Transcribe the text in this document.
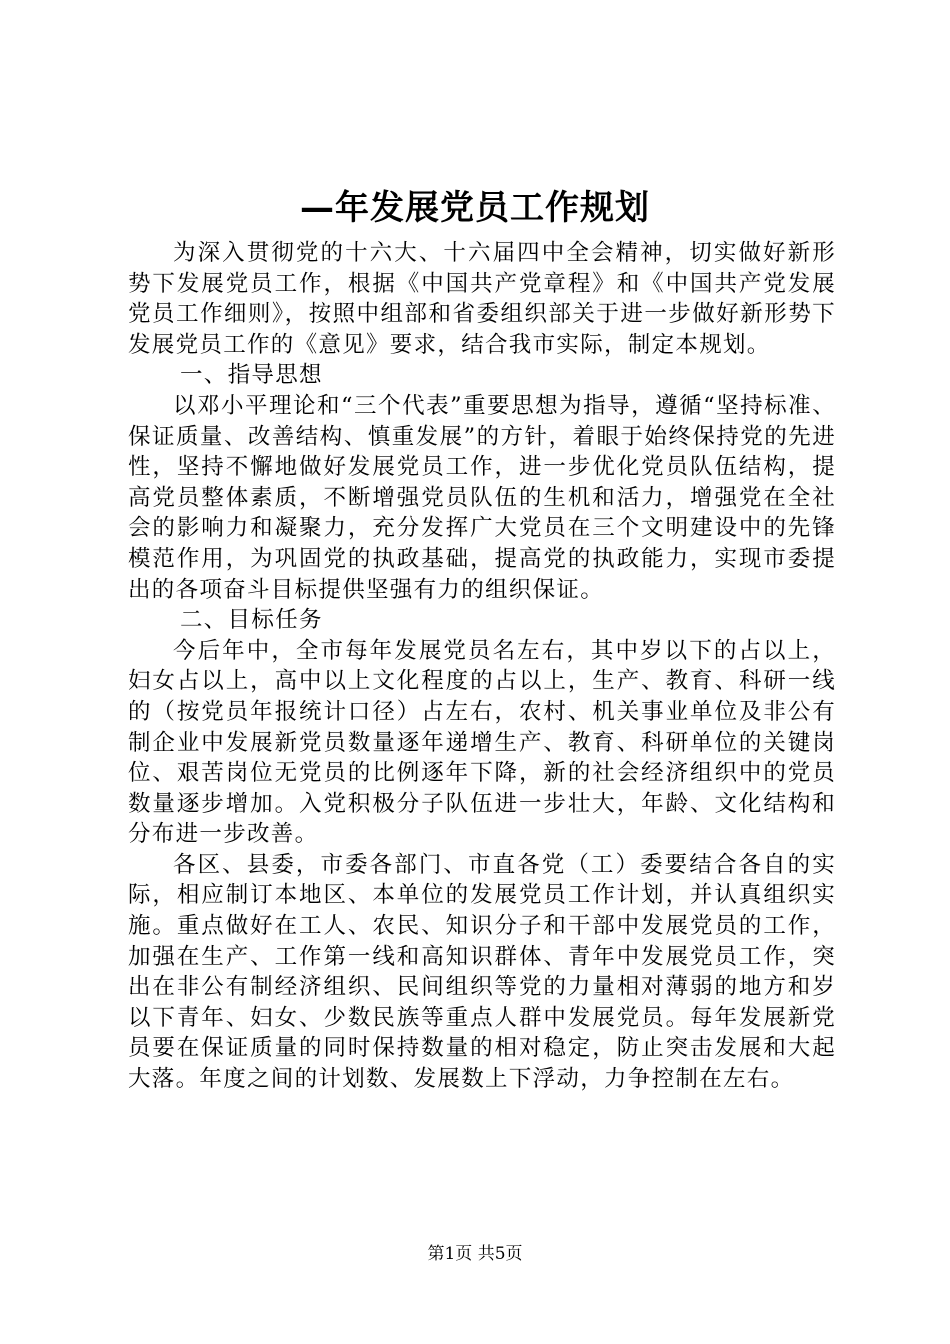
—年发展党员工作规划

为深入贯彻党的十六大、十六届四中全会精神，切实做好新形势下发展党员工作，根据《中国共产党章程》和《中国共产党发展党员工作细则》，按照中组部和省委组织部关于进一步做好新形势下发展党员工作的《意见》要求，结合我市实际，制定本规划。

一、指导思想

以邓小平理论和“三个代表”重要思想为指导，遵循“坚持标准、保证质量、改善结构、慎重发展”的方针，着眼于始终保持党的先进性，坚持不懈地做好发展党员工作，进一步优化党员队伍结构，提高党员整体素质，不断增强党员队伍的生机和活力，增强党在全社会的影响力和凝聚力，充分发挥广大党员在三个文明建设中的先锋模范作用，为巩固党的执政基础，提高党的执政能力，实现市委提出的各项奋斗目标提供坚强有力的组织保证。

二、目标任务

今后年中，全市每年发展党员名左右，其中岁以下的占以上，妇女占以上，高中以上文化程度的占以上，生产、教育、科研一线的（按党员年报统计口径）占左右，农村、机关事业单位及非公有制企业中发展新党员数量逐年递增生产、教育、科研单位的关键岗位、艰苦岗位无党员的比例逐年下降，新的社会经济组织中的党员数量逐步增加。入党积极分子队伍进一步壮大，年龄、文化结构和分布进一步改善。

各区、县委，市委各部门、市直各党（工）委要结合各自的实际，相应制订本地区、本单位的发展党员工作计划，并认真组织实施。重点做好在工人、农民、知识分子和干部中发展党员的工作，加强在生产、工作第一线和高知识群体、青年中发展党员工作，突出在非公有制经济组织、民间组织等党的力量相对薄弱的地方和岁以下青年、妇女、少数民族等重点人群中发展党员。每年发展新党员要在保证质量的同时保持数量的相对稳定，防止突击发展和大起大落。年度之间的计划数、发展数上下浮动，力争控制在左右。

第1页 共5页
